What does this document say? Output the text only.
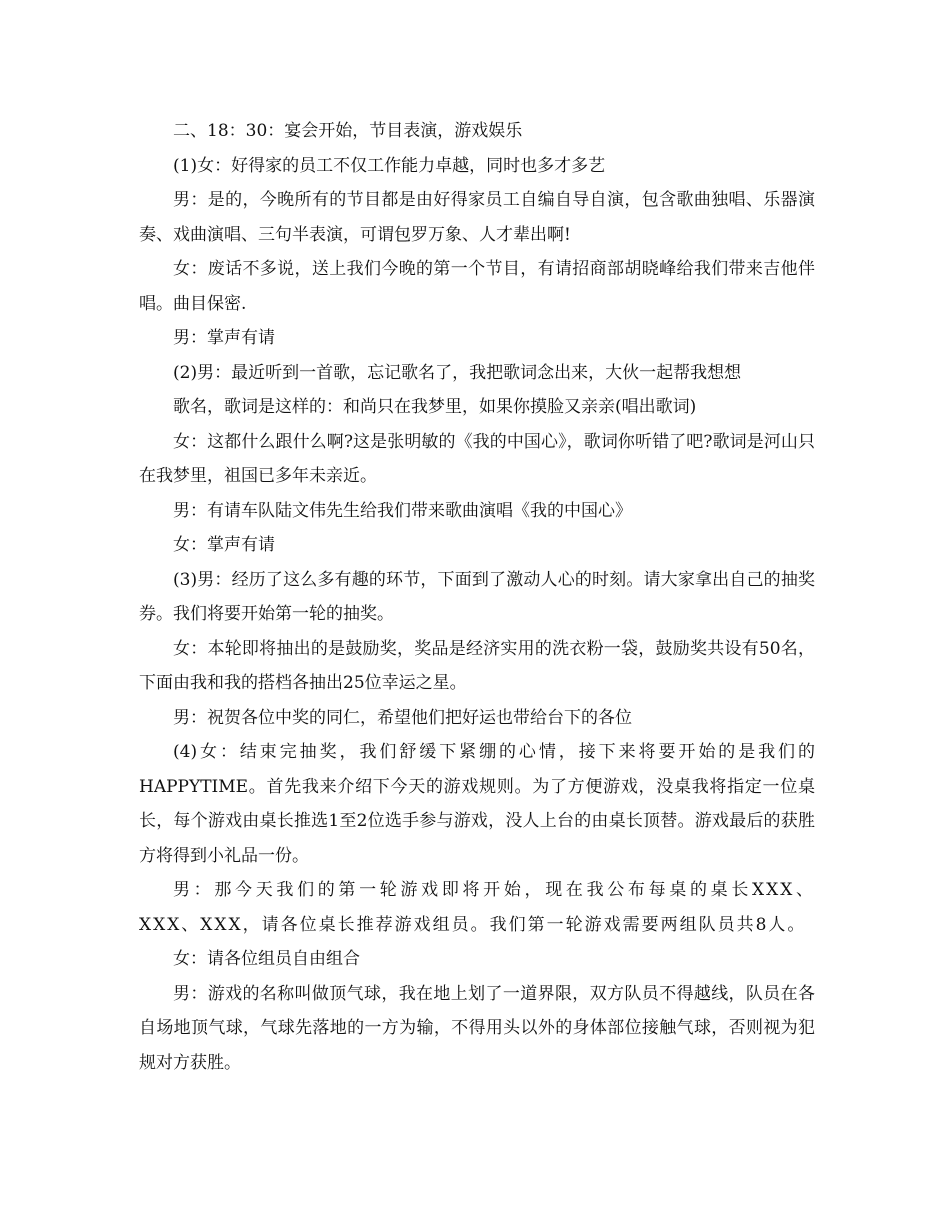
二、18：30：宴会开始，节目表演，游戏娱乐

(1)女：好得家的员工不仅工作能力卓越，同时也多才多艺

男：是的，今晚所有的节目都是由好得家员工自编自导自演，包含歌曲独唱、乐器演奏、戏曲演唱、三句半表演，可谓包罗万象、人才辈出啊!

女：废话不多说，送上我们今晚的第一个节目，有请招商部胡晓峰给我们带来吉他伴唱。曲目保密.

男：掌声有请

(2)男：最近听到一首歌，忘记歌名了，我把歌词念出来，大伙一起帮我想想

歌名，歌词是这样的：和尚只在我梦里，如果你摸脸又亲亲(唱出歌词)

女：这都什么跟什么啊?这是张明敏的《我的中国心》，歌词你听错了吧?歌词是河山只在我梦里，祖国已多年未亲近。

男：有请车队陆文伟先生给我们带来歌曲演唱《我的中国心》

女：掌声有请

(3)男：经历了这么多有趣的环节，下面到了激动人心的时刻。请大家拿出自己的抽奖券。我们将要开始第一轮的抽奖。

女：本轮即将抽出的是鼓励奖，奖品是经济实用的洗衣粉一袋，鼓励奖共设有50名，下面由我和我的搭档各抽出25位幸运之星。

男：祝贺各位中奖的同仁，希望他们把好运也带给台下的各位

(4)女：结束完抽奖，我们舒缓下紧绷的心情，接下来将要开始的是我们的HAPPYTIME。首先我来介绍下今天的游戏规则。为了方便游戏，没桌我将指定一位桌长，每个游戏由桌长推选1至2位选手参与游戏，没人上台的由桌长顶替。游戏最后的获胜方将得到小礼品一份。

男：那今天我们的第一轮游戏即将开始，现在我公布每桌的桌长XXX、XXX、XXX，请各位桌长推荐游戏组员。我们第一轮游戏需要两组队员共8人。

女：请各位组员自由组合

男：游戏的名称叫做顶气球，我在地上划了一道界限，双方队员不得越线，队员在各自场地顶气球，气球先落地的一方为输，不得用头以外的身体部位接触气球，否则视为犯规对方获胜。
